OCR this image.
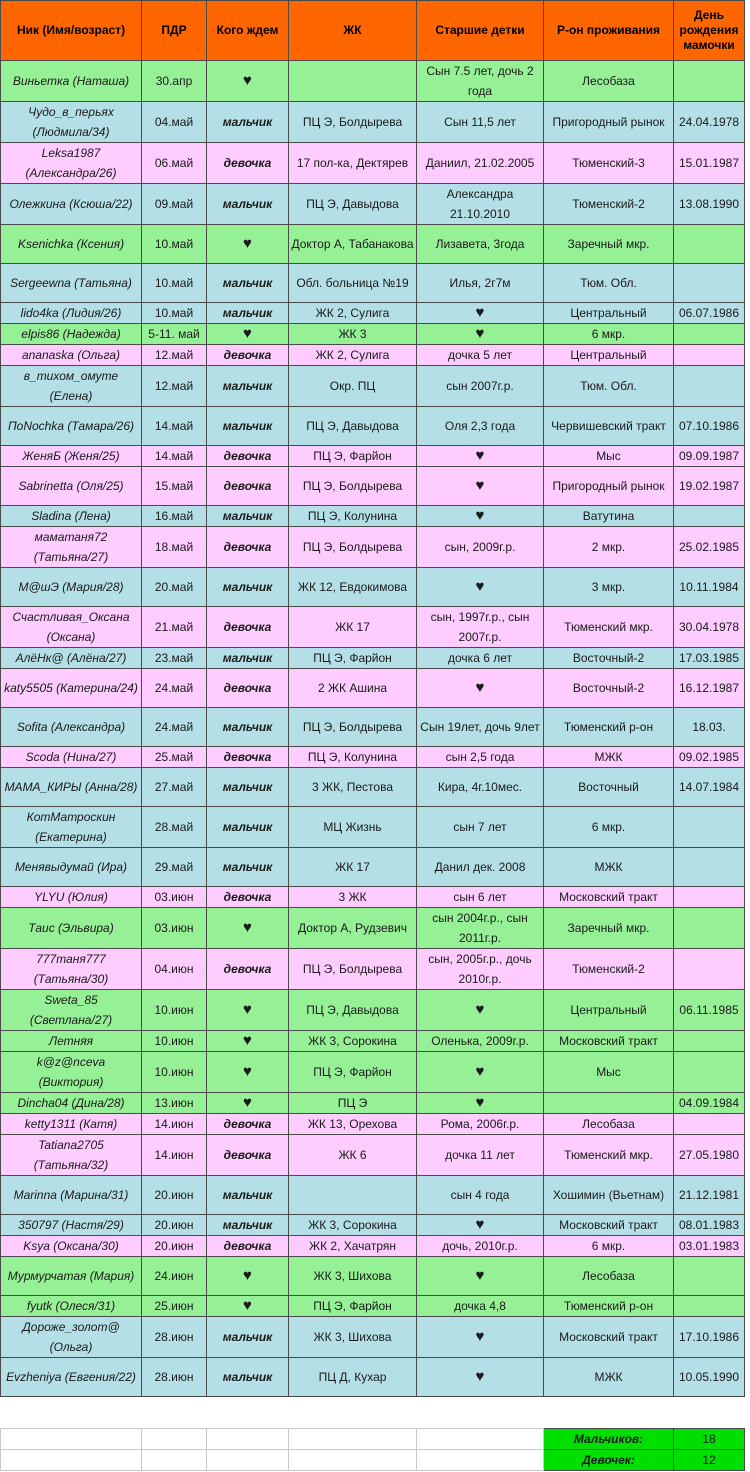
Ник (Имя/возраст)	ПДР	Кого ждем	ЖК	Старшие детки	Р-он проживания	День рождения мамочки
Виньетка (Наташа)	30.апр	♥		Сын 7.5 лет, дочь 2 года	Лесобаза	
Чудо_в_перьях (Людмила/34)	04.май	мальчик	ПЦ Э, Болдырева	Сын 11,5 лет	Пригородный рынок	24.04.1978
Leksa1987 (Александра/26)	06.май	девочка	17 пол-ка, Дектярев	Даниил, 21.02.2005	Тюменский-3	15.01.1987
Олежкина (Ксюша/22)	09.май	мальчик	ПЦ Э, Давыдова	Александра 21.10.2010	Тюменский-2	13.08.1990
Ksenichka (Ксения)	10.май	♥	Доктор А, Табанакова	Лизавета, 3года	Заречный мкр.	
Sergeewna (Татьяна)	10.май	мальчик	Обл. больница №19	Илья, 2г7м	Тюм. Обл.	
lido4ka (Лидия/26)	10.май	мальчик	ЖК 2, Сулига	♥	Центральный	06.07.1986
elpis86 (Надежда)	5-11. май	♥	ЖК 3	♥	6 мкр.	
ananaska (Ольга)	12.май	девочка	ЖК 2, Сулига	дочка 5 лет	Центральный	
в_тихом_омуте (Елена)	12.май	мальчик	Окр. ПЦ	сын 2007г.р.	Тюм. Обл.	
ПоNochka (Тамара/26)	14.май	мальчик	ПЦ Э, Давыдова	Оля 2,3 года	Червишевский тракт	07.10.1986
ЖеняБ (Женя/25)	14.май	девочка	ПЦ Э, Фарйон	♥	Мыс	09.09.1987
Sabrinetta (Оля/25)	15.май	девочка	ПЦ Э, Болдырева	♥	Пригородный рынок	19.02.1987
Sladina (Лена)	16.май	мальчик	ПЦ Э, Колунина	♥	Ватутина	
маматаня72 (Татьяна/27)	18.май	девочка	ПЦ Э, Болдырева	сын, 2009г.р.	2 мкр.	25.02.1985
M@шЭ (Мария/28)	20.май	мальчик	ЖК 12, Евдокимова	♥	3 мкр.	10.11.1984
Счастливая_Оксана (Оксана)	21.май	девочка	ЖК 17	сын, 1997г.р., сын 2007г.р.	Тюменский мкр.	30.04.1978
АлёНк@ (Алёна/27)	23.май	мальчик	ПЦ Э, Фарйон	дочка 6 лет	Восточный-2	17.03.1985
katy5505 (Катерина/24)	24.май	девочка	2 ЖК Ашина	♥	Восточный-2	16.12.1987
Sofita (Александра)	24.май	мальчик	ПЦ Э, Болдырева	Сын 19лет, дочь 9лет	Тюменский р-он	18.03.
Scoda (Нина/27)	25.май	девочка	ПЦ Э, Колунина	сын 2,5 года	МЖК	09.02.1985
МАМА_КИРЫ (Анна/28)	27.май	мальчик	3 ЖК, Пестова	Кира, 4г.10мес.	Восточный	14.07.1984
КотМатроскин (Екатерина)	28.май	мальчик	МЦ Жизнь	сын 7 лет	6 мкр.	
Менявыдумай (Ира)	29.май	мальчик	ЖК 17	Данил дек. 2008	МЖК	
YLYU (Юлия)	03.июн	девочка	3 ЖК	сын 6 лет	Московский тракт	
Таис (Эльвира)	03.июн	♥	Доктор А, Рудзевич	сын 2004г.р., сын 2011г.р.	Заречный мкр.	
777таня777 (Татьяна/30)	04.июн	девочка	ПЦ Э, Болдырева	сын, 2005г.р., дочь 2010г.р.	Тюменский-2	
Sweta_85 (Светлана/27)	10.июн	♥	ПЦ Э, Давыдова	♥	Центральный	06.11.1985
Летняя	10.июн	♥	ЖК 3, Сорокина	Оленька, 2009г.р.	Московский тракт	
k@z@nceva (Виктория)	10.июн	♥	ПЦ Э, Фарйон	♥	Мыс	
Dincha04 (Дина/28)	13.июн	♥	ПЦ Э	♥		04.09.1984
ketty1311 (Катя)	14.июн	девочка	ЖК 13, Орехова	Рома, 2006г.р.	Лесобаза	
Tatiana2705 (Татьяна/32)	14.июн	девочка	ЖК 6	дочка 11 лет	Тюменский мкр.	27.05.1980
Marinna (Марина/31)	20.июн	мальчик		сын 4 года	Хошимин (Вьетнам)	21.12.1981
350797 (Настя/29)	20.июн	мальчик	ЖК 3, Сорокина	♥	Московский тракт	08.01.1983
Ksya (Оксана/30)	20.июн	девочка	ЖК 2, Хачатрян	дочь, 2010г.р.	6 мкр.	03.01.1983
Мурмурчатая (Мария)	24.июн	♥	ЖК 3, Шихова	♥	Лесобаза	
fyutk (Олеся/31)	25.июн	♥	ПЦ Э, Фарйон	дочка 4,8	Тюменский р-он	
Дороже_золот@ (Ольга)	28.июн	мальчик	ЖК 3, Шихова	♥	Московский тракт	17.10.1986
Evzheniya (Евгения/22)	28.июн	мальчик	ПЦ Д, Кухар	♥	МЖК	10.05.1990
					Мальчиков:	18
					Девочек:	12
